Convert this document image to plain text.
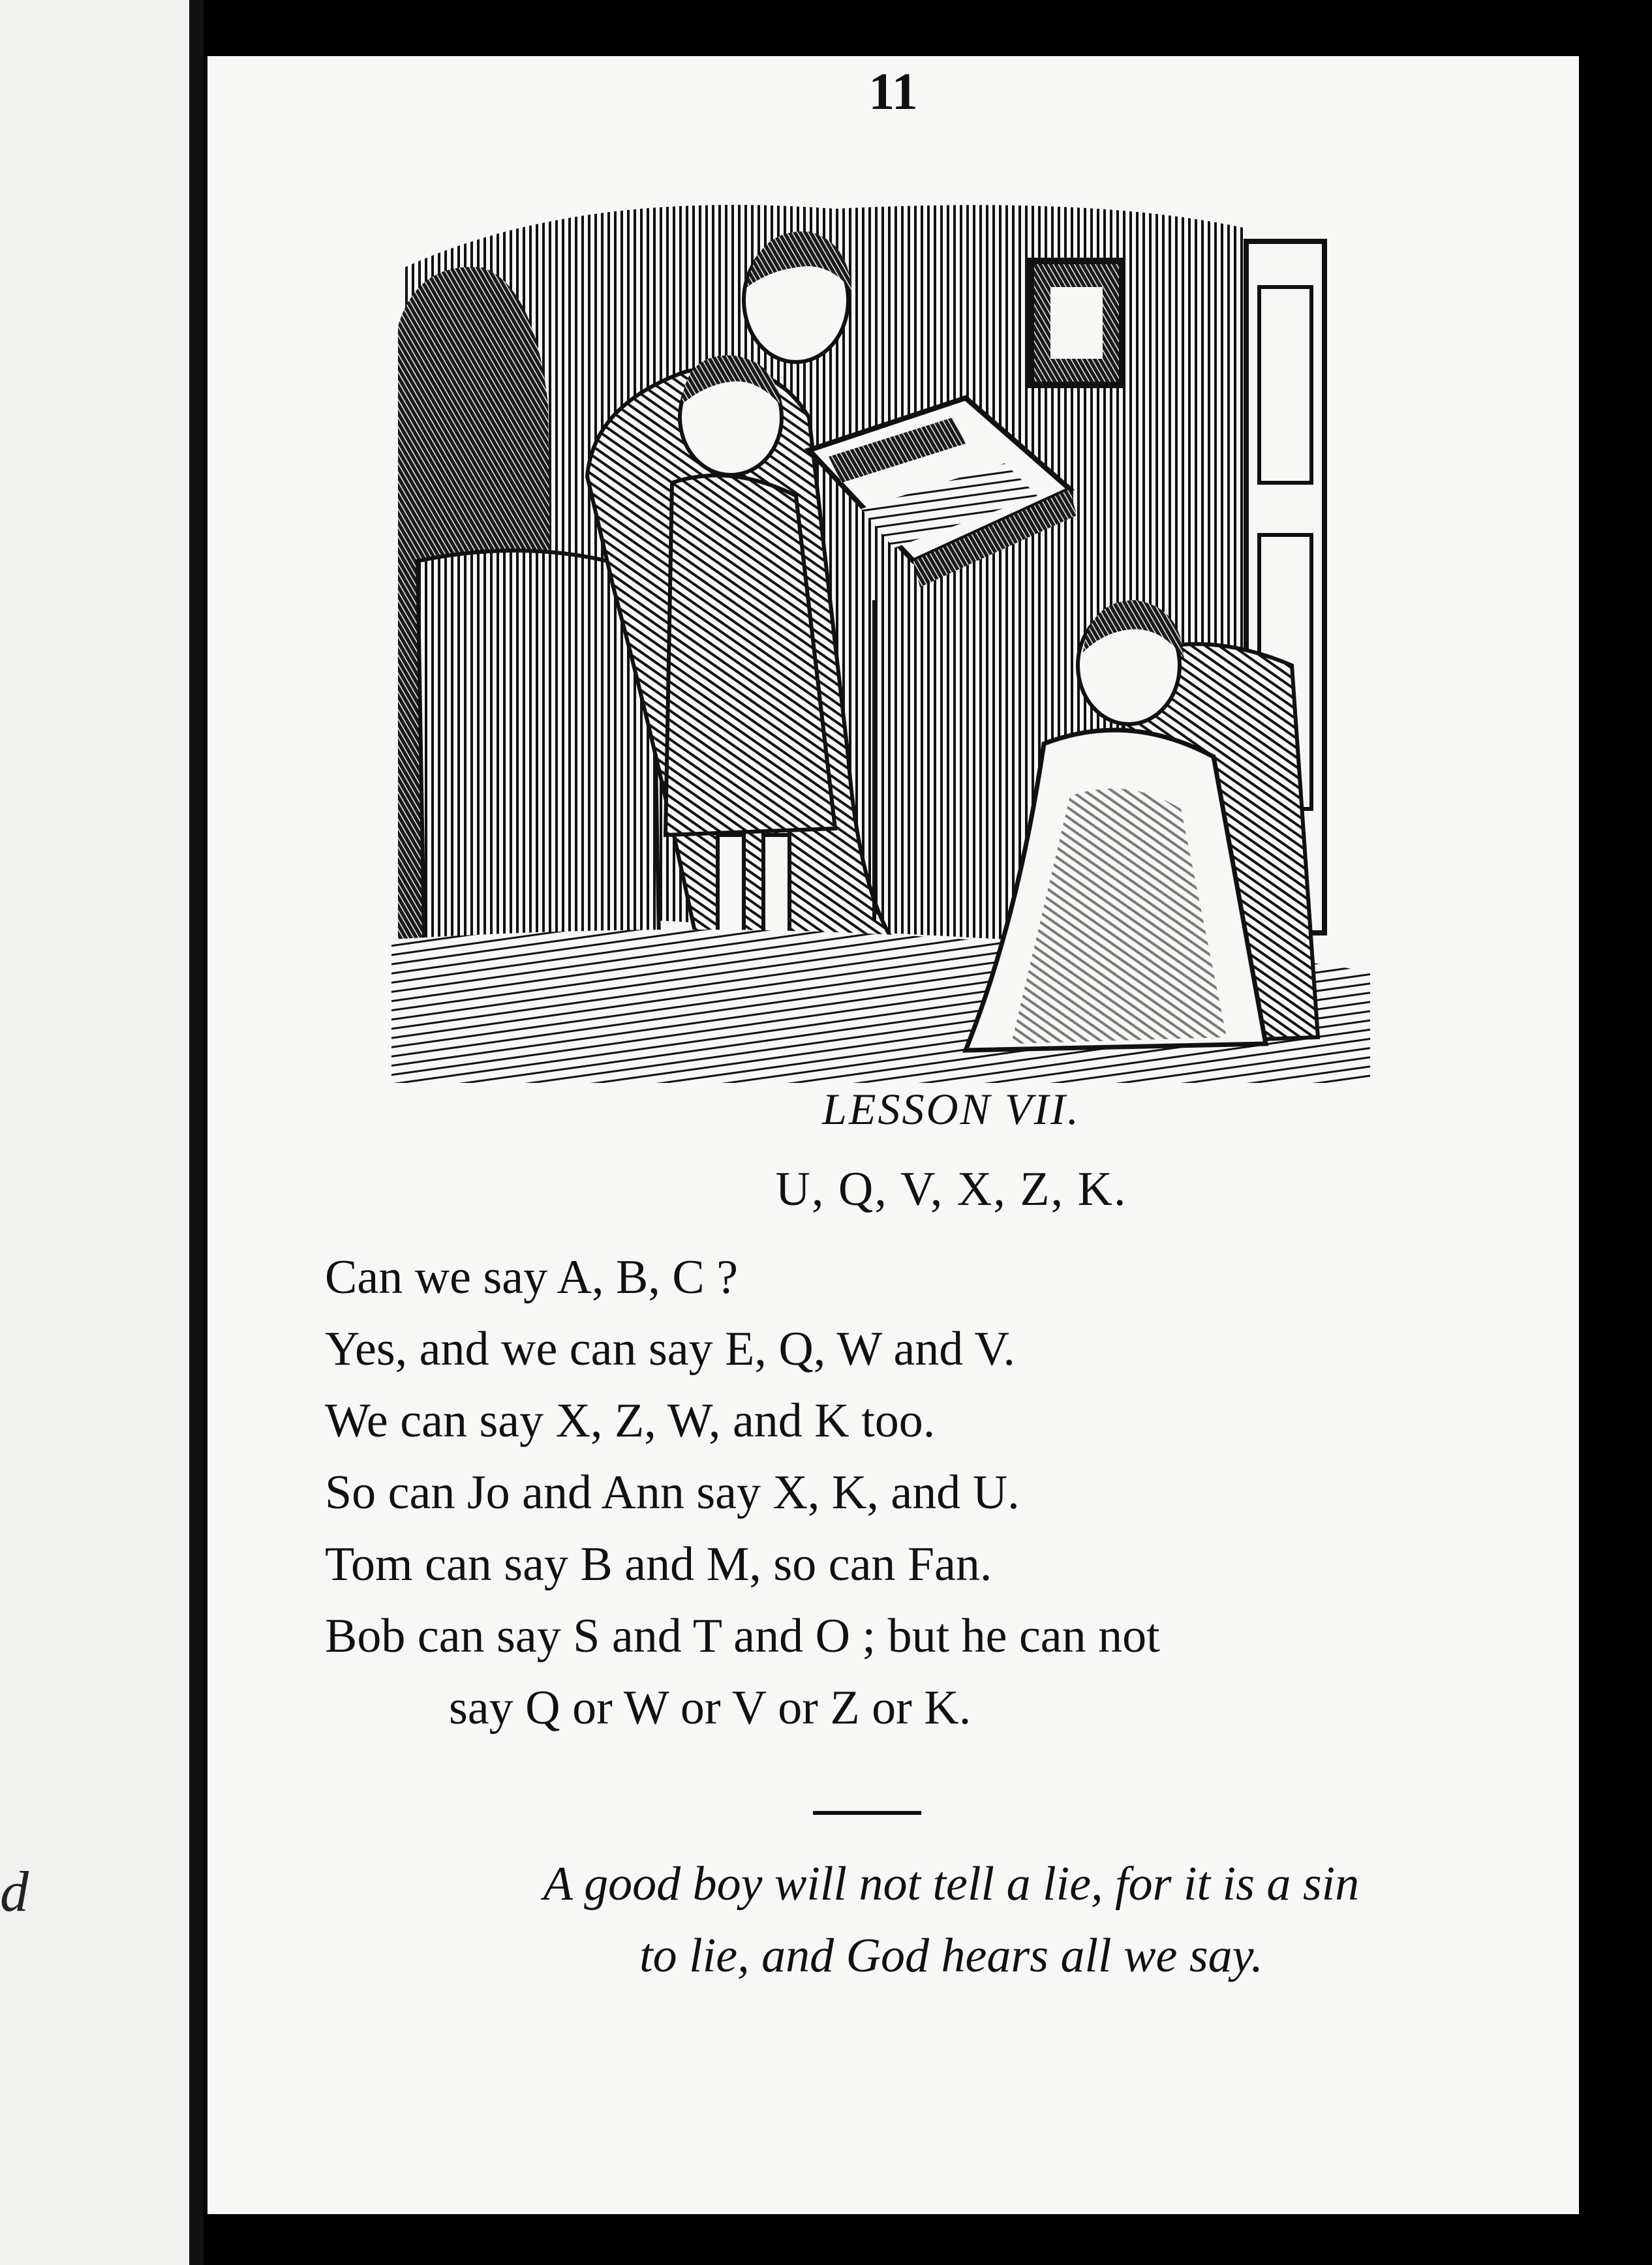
d
11
LESSON VII.
U, Q, V, X, Z, K.
Can we say A, B, C ?
Yes, and we can say E, Q, W and V.
We can say X, Z, W, and K too.
So can Jo and Ann say X, K, and U.
Tom can say B and M, so can Fan.
Bob can say S and T and O ; but he can not
say Q or W or V or Z or K.
A good boy will not tell a lie, for it is a sin
to lie, and God hears all we say.
